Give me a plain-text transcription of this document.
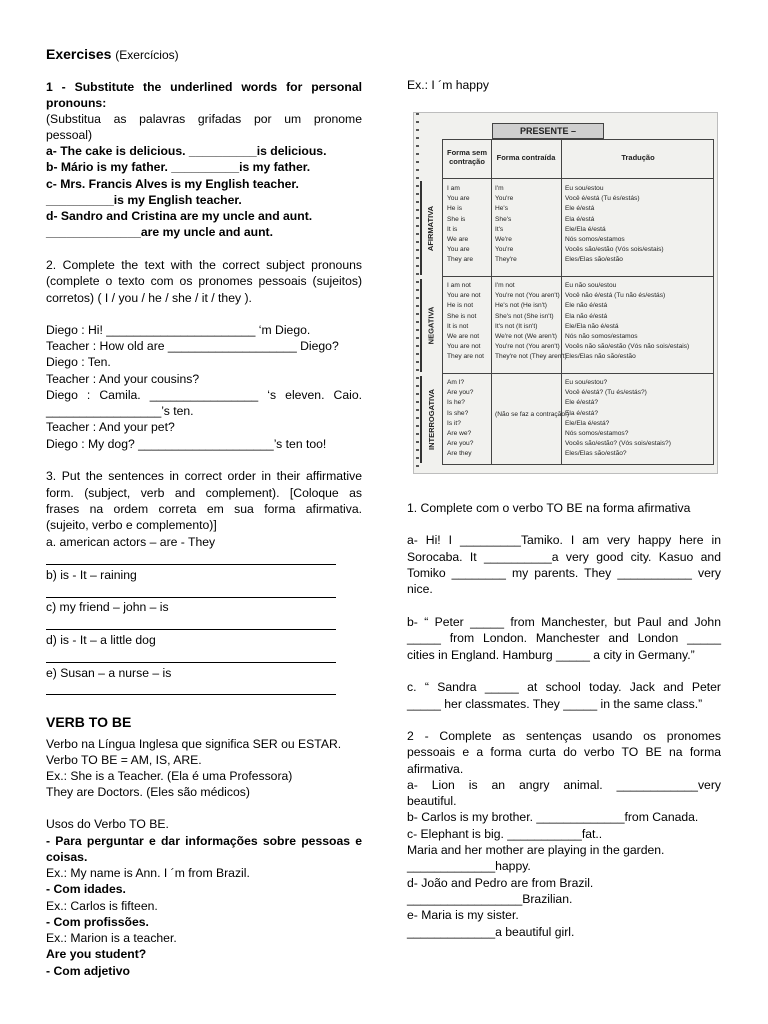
Exercises (Exercícios)
1 - Substitute the underlined words for personal
pronouns:
(Substitua as palavras grifadas por um pronome
pessoal)
a- The cake is delicious. __________is delicious.
b- Mário is my father. __________is my father.
c- Mrs. Francis Alves is my English teacher.
__________is my English teacher.
d- Sandro and Cristina are my uncle and aunt.
______________are my uncle and aunt.
2. Complete the text with the correct subject pronouns
(complete o texto com os pronomes pessoais (sujeitos)
corretos) ( I / you / he / she / it / they ).
Diego : Hi! ______________________ ‘m Diego.
Teacher : How old are ___________________ Diego?
Diego : Ten.
Teacher : And your cousins?
Diego : Camila. ________________ ‘s eleven. Caio.
_________________’s ten.
Teacher : And your pet?
Diego : My dog? ____________________’s ten too!
3. Put the sentences in correct order in their affirmative
form. (subject, verb and complement). [Coloque as
frases na ordem correta em sua forma afirmativa.
(sujeito, verbo e complemento)]
a. american actors – are - They
b) is - It – raining
c) my friend – john – is
d) is - It – a little dog
e) Susan – a nurse – is
VERB TO BE
Verbo na Língua Inglesa que significa SER ou ESTAR.
Verbo TO BE = AM, IS, ARE.
Ex.: She is a Teacher. (Ela é uma Professora)
They are Doctors. (Eles são médicos)
Usos do Verbo TO BE.
- Para perguntar e dar informações sobre pessoas e
coisas.
Ex.: My name is Ann. I ´m from Brazil.
- Com idades.
Ex.: Carlos is fifteen.
- Com profissões.
Ex.: Marion is a teacher.
Are you student?
- Com adjetivo
Ex.: I ´m happy
1. Complete com o verbo TO BE na forma afirmativa
a- Hi! I _________Tamiko. I am very happy here in
Sorocaba. It __________a very good city. Kasuo and
Tomiko ________ my parents. They ___________ very
nice.
b- “ Peter _____ from Manchester, but Paul and John
_____ from London. Manchester and London _____
cities in England. Hamburg _____ a city in Germany.”
c. “ Sandra _____ at school today. Jack and Peter
_____ her classmates. They _____ in the same class.”
2 - Complete as sentenças usando os pronomes
pessoais e a forma curta do verbo TO BE na forma
afirmativa.
a- Lion is an angry animal. ____________very
beautiful.
b- Carlos is my brother. _____________from Canada.
c- Elephant is big. ___________fat..
Maria and her mother are playing in the garden.
_____________happy.
d- João and Pedro are from Brazil.
_________________Brazilian.
e- Maria is my sister.
_____________a beautiful girl.
PRESENTE –
Forma sem contração	Forma contraída	Tradução
I am
You are
He is
She is
It is
We are
You are
They are
I'm
You're
He's
She's
It's
We're
You're
They're
Eu sou/estou
Você é/está (Tu és/estás)
Ele é/está
Ela é/está
Ele/Ela é/está
Nós somos/estamos
Vocês são/estão (Vós sois/estais)
Eles/Elas são/estão
I am not
You are not
He is not
She is not
It is not
We are not
You are not
They are not
I'm not
You're not (You aren't)
He's not (He isn't)
She's not (She isn't)
It's not (It isn't)
We're not (We aren't)
You're not (You aren't)
They're not (They aren't)
Eu não sou/estou
Você não é/está (Tu não és/estás)
Ele não é/está
Ela não é/está
Ele/Ela não é/está
Nós não somos/estamos
Vocês não são/estão (Vós não sois/estais)
Eles/Elas não são/estão
Am I?
Are you?
Is he?
Is she?
Is it?
Are we?
Are you?
Are they
(Não se faz a contração.)
Eu sou/estou?
Você é/está? (Tu és/estás?)
Ele é/está?
Ela é/está?
Ele/Ela é/está?
Nós somos/estamos?
Vocês são/estão? (Vós sois/estais?)
Eles/Elas são/estão?
AFIRMATIVA
NEGATIVA
INTERROGATIVA
